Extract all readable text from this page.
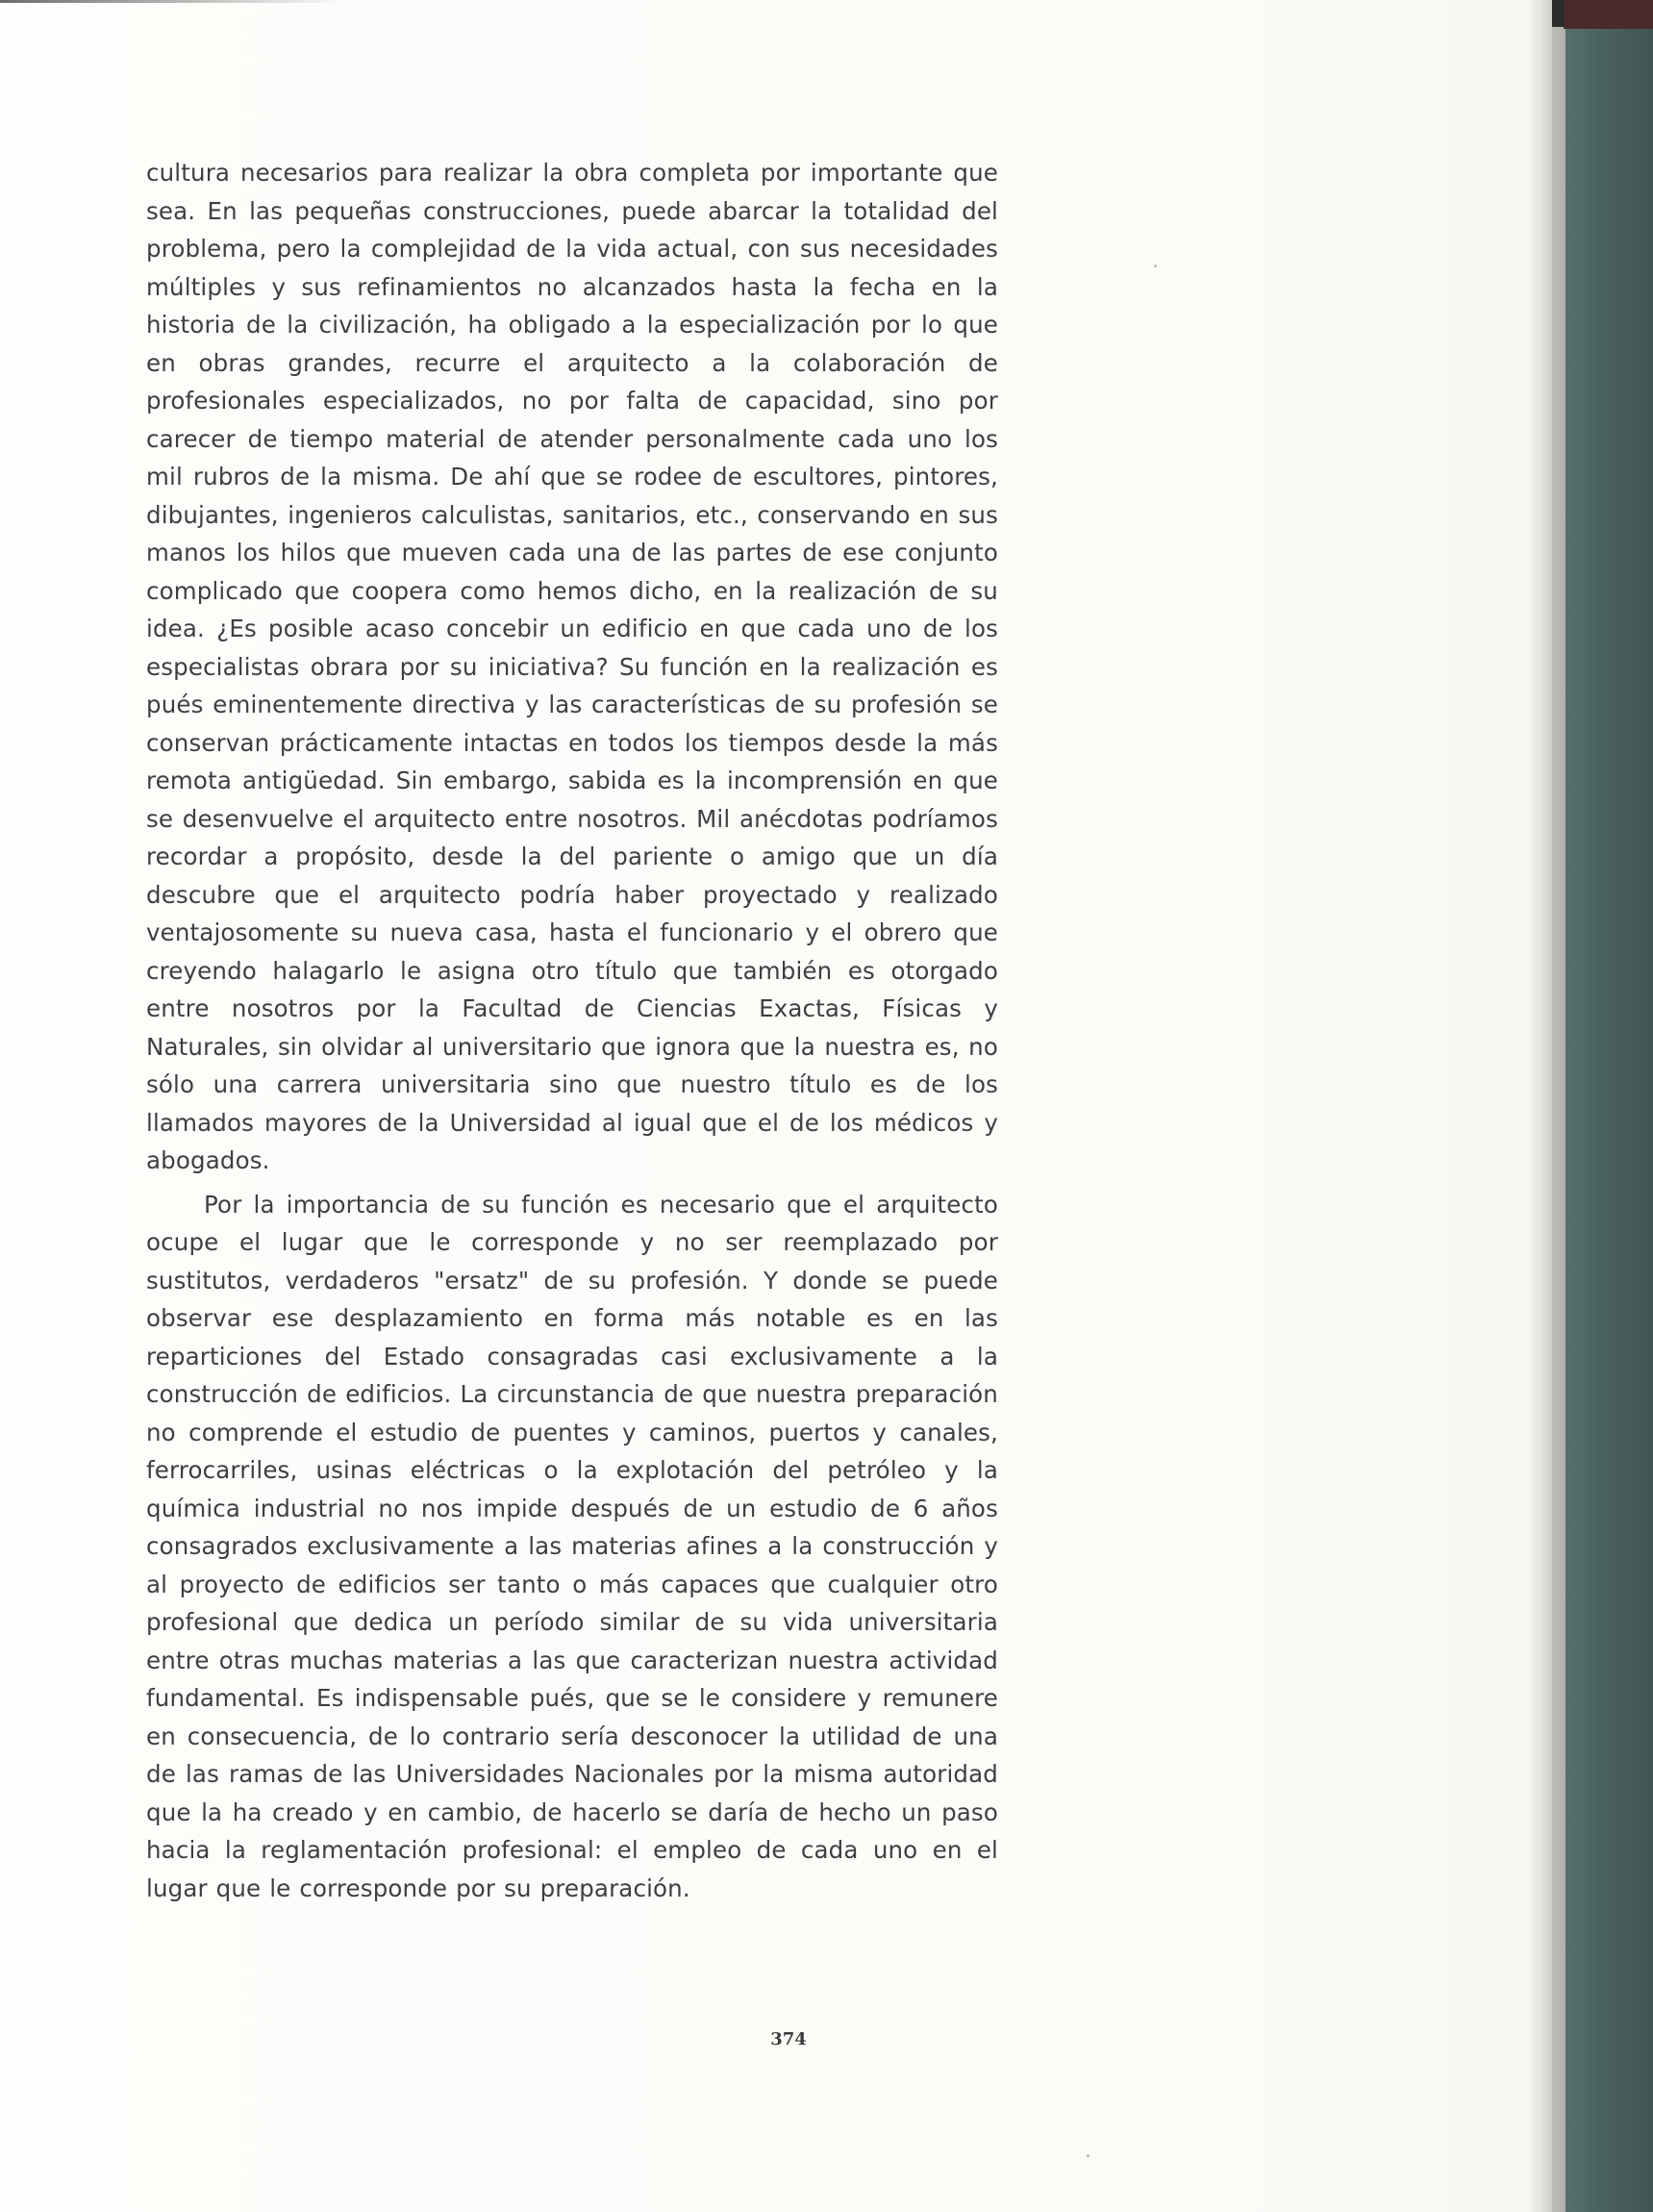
cultura necesarios para realizar la obra completa por importante que sea. En las pequeñas construcciones, puede abarcar la totalidad del problema, pero la complejidad de la vida actual, con sus necesidades múltiples y sus refinamientos no alcanzados hasta la fecha en la historia de la civilización, ha obligado a la especialización por lo que en obras grandes, recurre el arquitecto a la colaboración de profesionales especializados, no por falta de capacidad, sino por carecer de tiempo material de atender personalmente cada uno los mil rubros de la misma. De ahí que se rodee de escultores, pintores, dibujantes, ingenieros calculistas, sanitarios, etc., conservando en sus manos los hilos que mueven cada una de las partes de ese conjunto complicado que coopera como hemos dicho, en la realización de su idea. ¿Es posible acaso concebir un edificio en que cada uno de los especialistas obrara por su iniciativa? Su función en la realización es pués eminentemente directiva y las características de su profesión se conservan prácticamente intactas en todos los tiempos desde la más remota antigüedad. Sin embargo, sabida es la incomprensión en que se desenvuelve el arquitecto entre nosotros. Mil anécdotas podríamos recordar a propósito, desde la del pariente o amigo que un día descubre que el arquitecto podría haber proyectado y realizado ventajosomente su nueva casa, hasta el funcionario y el obrero que creyendo halagarlo le asigna otro título que también es otorgado entre nosotros por la Facultad de Ciencias Exactas, Físicas y Naturales, sin olvidar al universitario que ignora que la nuestra es, no sólo una carrera universitaria sino que nuestro título es de los llamados mayores de la Universidad al igual que el de los médicos y abogados.

Por la importancia de su función es necesario que el arquitecto ocupe el lugar que le corresponde y no ser reemplazado por sustitutos, verdaderos "ersatz" de su profesión. Y donde se puede observar ese desplazamiento en forma más notable es en las reparticiones del Estado consagradas casi exclusivamente a la construcción de edificios. La circunstancia de que nuestra preparación no comprende el estudio de puentes y caminos, puertos y canales, ferrocarriles, usinas eléctricas o la explotación del petróleo y la química industrial no nos impide después de un estudio de 6 años consagrados exclusivamente a las materias afines a la construcción y al proyecto de edificios ser tanto o más capaces que cualquier otro profesional que dedica un período similar de su vida universitaria entre otras muchas materias a las que caracterizan nuestra actividad fundamental. Es indispensable pués, que se le considere y remunere en consecuencia, de lo contrario sería desconocer la utilidad de una de las ramas de las Universidades Nacionales por la misma autoridad que la ha creado y en cambio, de hacerlo se daría de hecho un paso hacia la reglamentación profesional: el empleo de cada uno en el lugar que le corresponde por su preparación.

374
